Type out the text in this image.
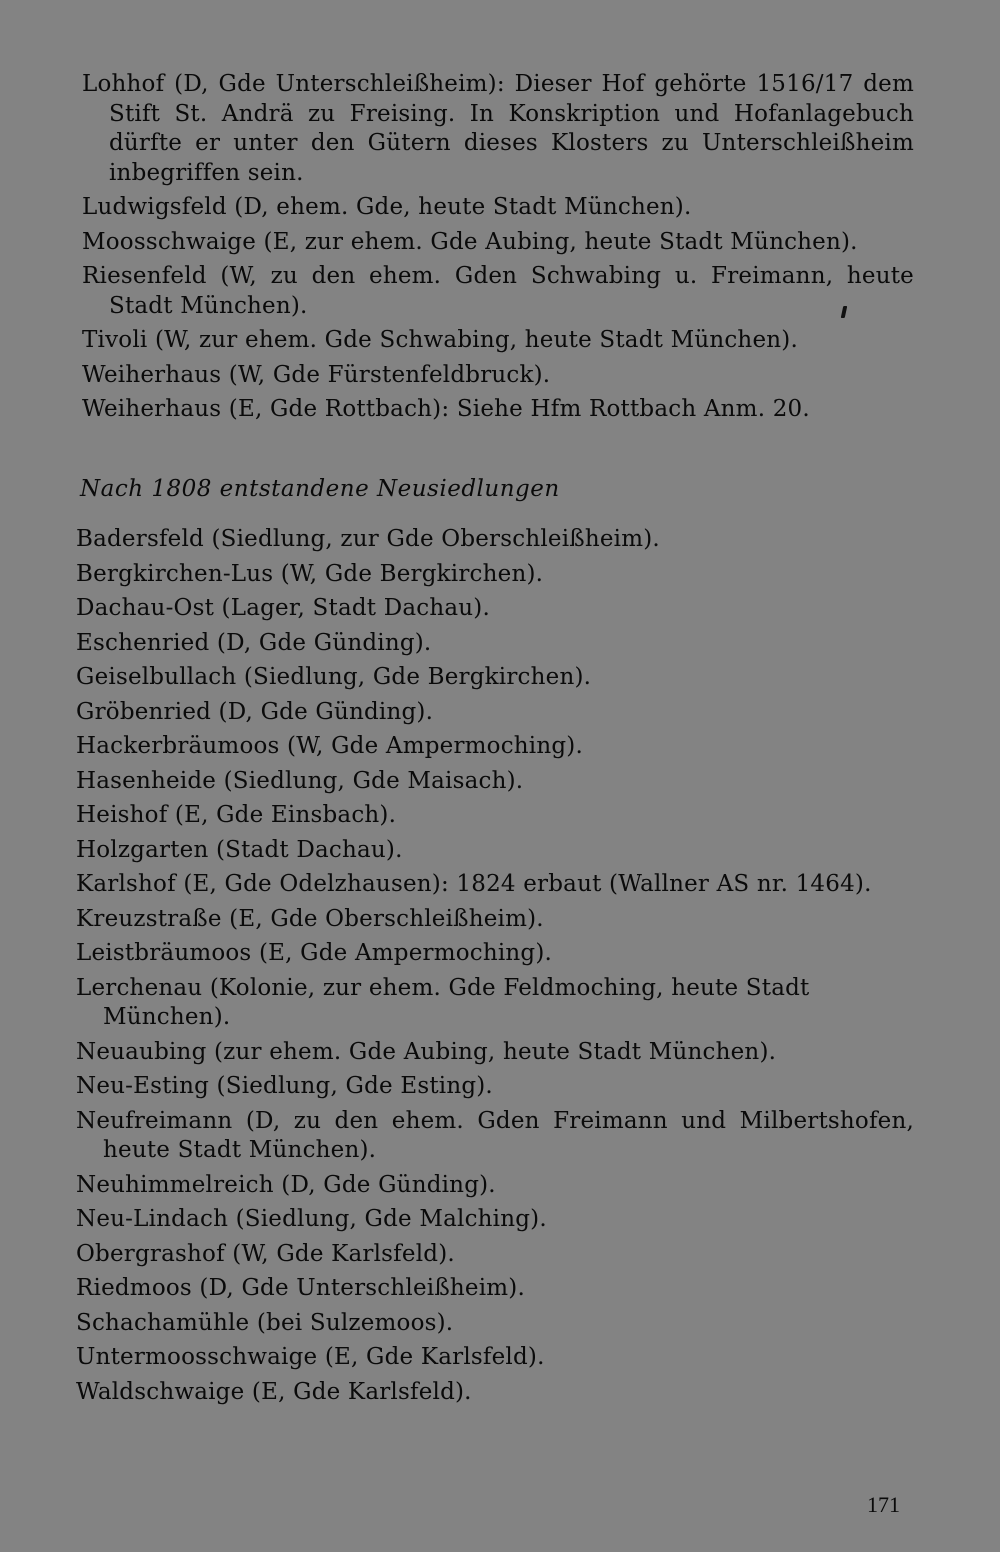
Lohhof (D, Gde Unterschleißheim): Dieser Hof gehörte 1516/17 dem Stift St. Andrä zu Freising. In Konskription und Hofanlagebuch dürfte er unter den Gütern dieses Klosters zu Unterschleißheim inbegriffen sein.

Ludwigsfeld (D, ehem. Gde, heute Stadt München).

Moosschwaige (E, zur ehem. Gde Aubing, heute Stadt München).

Riesenfeld (W, zu den ehem. Gden Schwabing u. Freimann, heute Stadt München).

Tivoli (W, zur ehem. Gde Schwabing, heute Stadt München).

Weiherhaus (W, Gde Fürstenfeldbruck).

Weiherhaus (E, Gde Rottbach): Siehe Hfm Rottbach Anm. 20.

Nach 1808 entstandene Neusiedlungen

Badersfeld (Siedlung, zur Gde Oberschleißheim).

Bergkirchen-Lus (W, Gde Bergkirchen).

Dachau-Ost (Lager, Stadt Dachau).

Eschenried (D, Gde Günding).

Geiselbullach (Siedlung, Gde Bergkirchen).

Gröbenried (D, Gde Günding).

Hackerbräumoos (W, Gde Ampermoching).

Hasenheide (Siedlung, Gde Maisach).

Heishof (E, Gde Einsbach).

Holzgarten (Stadt Dachau).

Karlshof (E, Gde Odelzhausen): 1824 erbaut (Wallner AS nr. 1464).

Kreuzstraße (E, Gde Oberschleißheim).

Leistbräumoos (E, Gde Ampermoching).

Lerchenau (Kolonie, zur ehem. Gde Feldmoching, heute Stadt München).

Neuaubing (zur ehem. Gde Aubing, heute Stadt München).

Neu-Esting (Siedlung, Gde Esting).

Neufreimann (D, zu den ehem. Gden Freimann und Milbertshofen, heute Stadt München).

Neuhimmelreich (D, Gde Günding).

Neu-Lindach (Siedlung, Gde Malching).

Obergrashof (W, Gde Karlsfeld).

Riedmoos (D, Gde Unterschleißheim).

Schachamühle (bei Sulzemoos).

Untermoosschwaige (E, Gde Karlsfeld).

Waldschwaige (E, Gde Karlsfeld).

171
